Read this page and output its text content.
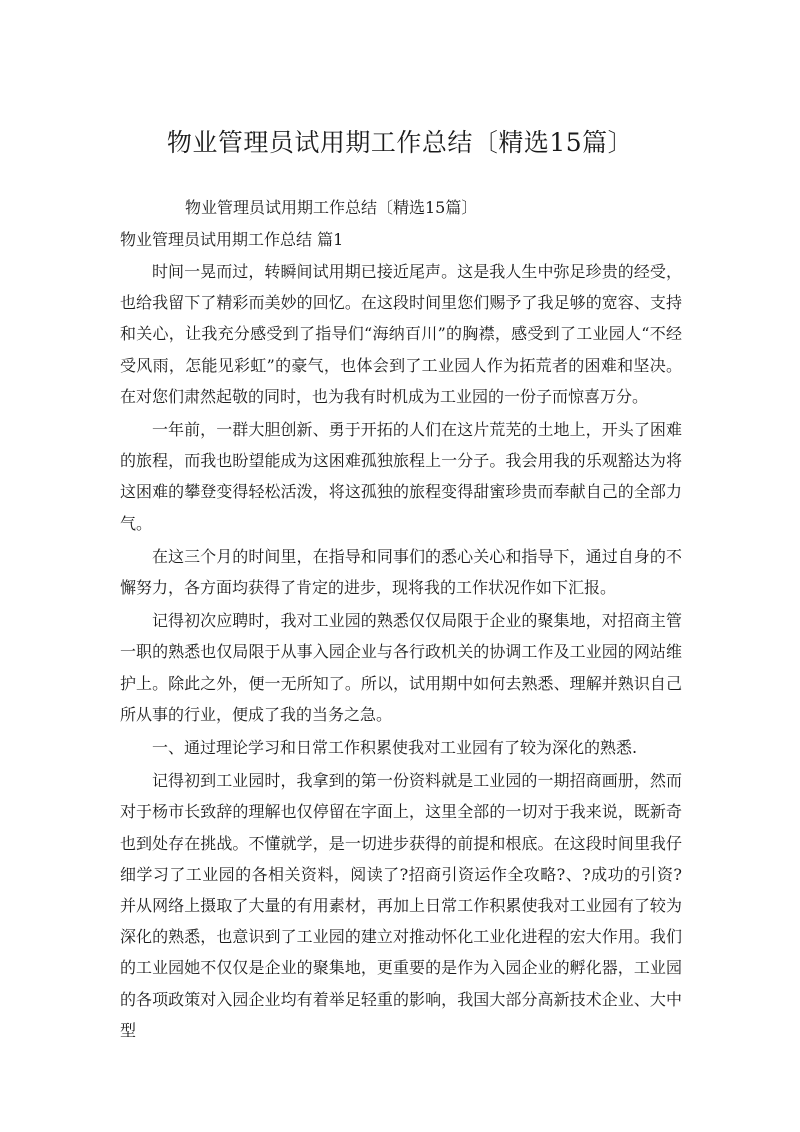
物业管理员试用期工作总结〔精选15篇〕

物业管理员试用期工作总结〔精选15篇〕

物业管理员试用期工作总结 篇1

时间一晃而过，转瞬间试用期已接近尾声。这是我人生中弥足珍贵的经受，也给我留下了精彩而美妙的回忆。在这段时间里您们赐予了我足够的宽容、支持和关心，让我充分感受到了指导们“海纳百川”的胸襟，感受到了工业园人“不经受风雨，怎能见彩虹”的豪气，也体会到了工业园人作为拓荒者的困难和坚决。在对您们肃然起敬的同时，也为我有时机成为工业园的一份子而惊喜万分。

一年前，一群大胆创新、勇于开拓的人们在这片荒芜的土地上，开头了困难的旅程，而我也盼望能成为这困难孤独旅程上一分子。我会用我的乐观豁达为将这困难的攀登变得轻松活泼，将这孤独的旅程变得甜蜜珍贵而奉献自己的全部力气。

在这三个月的时间里，在指导和同事们的悉心关心和指导下，通过自身的不懈努力，各方面均获得了肯定的进步，现将我的工作状况作如下汇报。

记得初次应聘时，我对工业园的熟悉仅仅局限于企业的聚集地，对招商主管一职的熟悉也仅局限于从事入园企业与各行政机关的协调工作及工业园的网站维护上。除此之外，便一无所知了。所以，试用期中如何去熟悉、理解并熟识自己所从事的行业，便成了我的当务之急。

一、通过理论学习和日常工作积累使我对工业园有了较为深化的熟悉.

记得初到工业园时，我拿到的第一份资料就是工业园的一期招商画册，然而对于杨市长致辞的理解也仅停留在字面上，这里全部的一切对于我来说，既新奇也到处存在挑战。不懂就学，是一切进步获得的前提和根底。在这段时间里我仔细学习了工业园的各相关资料，阅读了?招商引资运作全攻略?、?成功的引资?并从网络上摄取了大量的有用素材，再加上日常工作积累使我对工业园有了较为深化的熟悉，也意识到了工业园的建立对推动怀化工业化进程的宏大作用。我们的工业园她不仅仅是企业的聚集地，更重要的是作为入园企业的孵化器，工业园的各项政策对入园企业均有着举足轻重的影响，我国大部分高新技术企业、大中型
